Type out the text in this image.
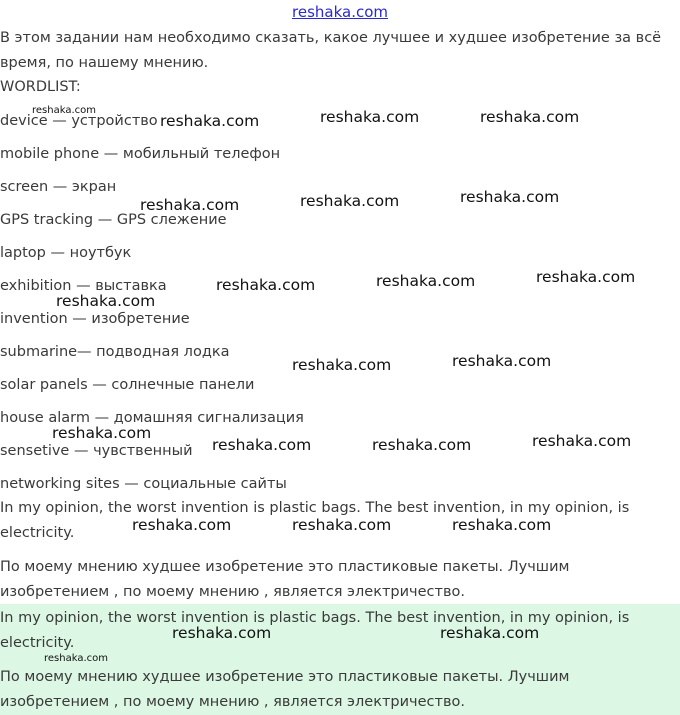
reshaka.com
В этом задании нам необходимо сказать, какое лучшее и худшее изобретение за всё время, по нашему мнению.
WORDLIST:
device — устройство
mobile phone — мобильный телефон
screen — экран
GPS tracking — GPS слежение
laptop — ноутбук
exhibition — выставка
invention — изобретение
submarine— подводная лодка
solar panels — солнечные панели
house alarm — домашняя сигнализация
sensetive — чувственный
networking sites — социальные сайты
In my opinion, the worst invention is plastic bags. The best invention, in my opinion, is electricity.
По моему мнению худшее изобретение это пластиковые пакеты. Лучшим изобретением , по моему мнению , является электричество.
In my opinion, the worst invention is plastic bags. The best invention, in my opinion, is electricity.
По моему мнению худшее изобретение это пластиковые пакеты. Лучшим изобретением , по моему мнению , является электричество.
reshaka.com
reshaka.com	reshaka.com	reshaka.com
reshaka.com	reshaka.com	reshaka.com
reshaka.com	reshaka.com	reshaka.com
reshaka.com
reshaka.com	reshaka.com
reshaka.com
reshaka.com	reshaka.com	reshaka.com
reshaka.com	reshaka.com	reshaka.com
reshaka.com	reshaka.com
reshaka.com
